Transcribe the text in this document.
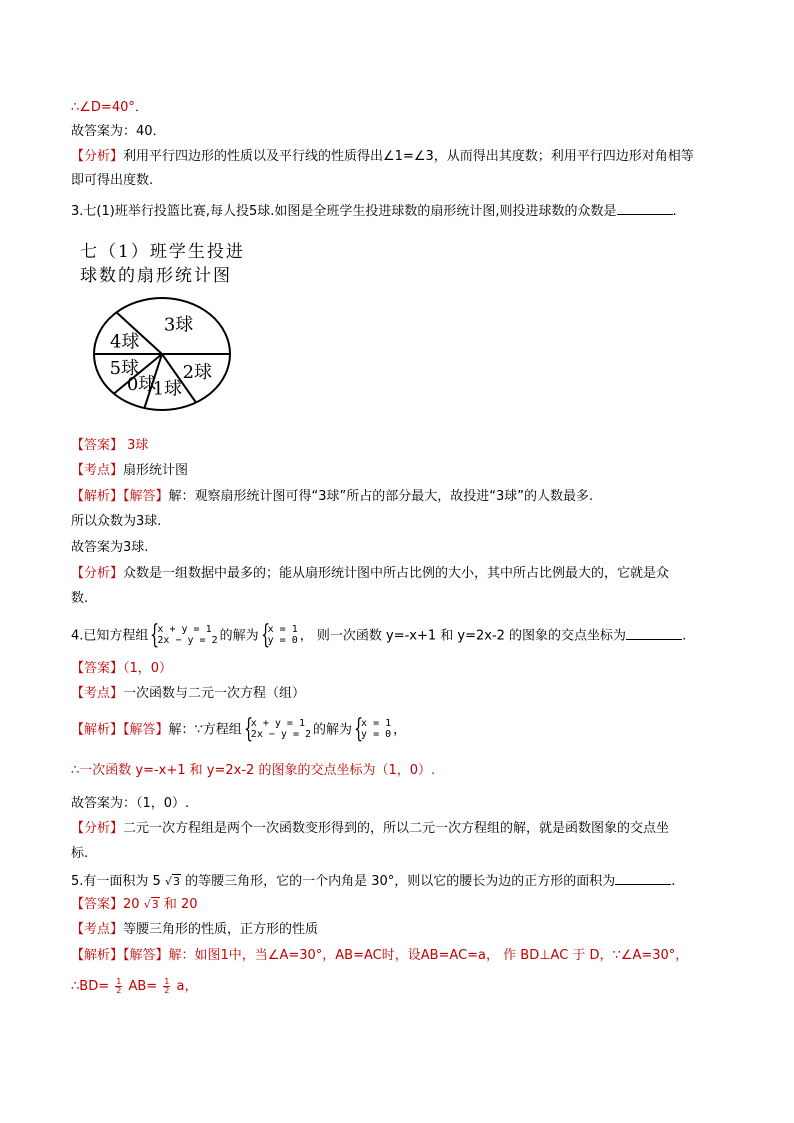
∴∠D=40°．
故答案为：40．
【分析】利用平行四边形的性质以及平行线的性质得出∠1=∠3，从而得出其度数；利用平行四边形对角相等
即可得出度数.
3.七(1)班举行投篮比赛,每人投5球.如图是全班学生投进球数的扇形统计图,则投进球数的众数是	.
七（1）班学生投进
球数的扇形统计图
3球
2球
1球
0球
5球
4球
【答案】 3球
【考点】扇形统计图
【解析】【解答】解：观察扇形统计图可得“3球”所占的部分最大，故投进“3球”的人数最多.
所以众数为3球.
故答案为3球.
【分析】众数是一组数据中最多的；能从扇形统计图中所占比例的大小，其中所占比例最大的，它就是众
数.
4.已知方程组 {
x + y = 1
2x − y = 2 的解为 {
x = 1
y = 0 ， 则一次函数 y=-x+1 和 y=2x-2 的图象的交点坐标为	.
【答案】（1，0）
【考点】一次函数与二元一次方程（组）
【解析】【解答】解：∵方程组 {
x + y = 1
2x − y = 2 的解为 {
x = 1
y = 0 ，
∴一次函数 y=-x+1 和 y=2x-2 的图象的交点坐标为（1，0）.
故答案为：（1，0）.
【分析】二元一次方程组是两个一次函数变形得到的，所以二元一次方程组的解，就是函数图象的交点坐
标.
5.有一面积为 5 √3 的等腰三角形，它的一个内角是 30°，则以它的腰长为边的正方形的面积为	.
【答案】20 √3 和 20
【考点】等腰三角形的性质，正方形的性质
【解析】【解答】解：如图1中，当∠A=30°，AB=AC时，设AB=AC=a， 作 BD⊥AC 于 D，∵∠A=30°，
∴BD= $\frac{1}{2} AB= \frac{1}{2}$ a，
